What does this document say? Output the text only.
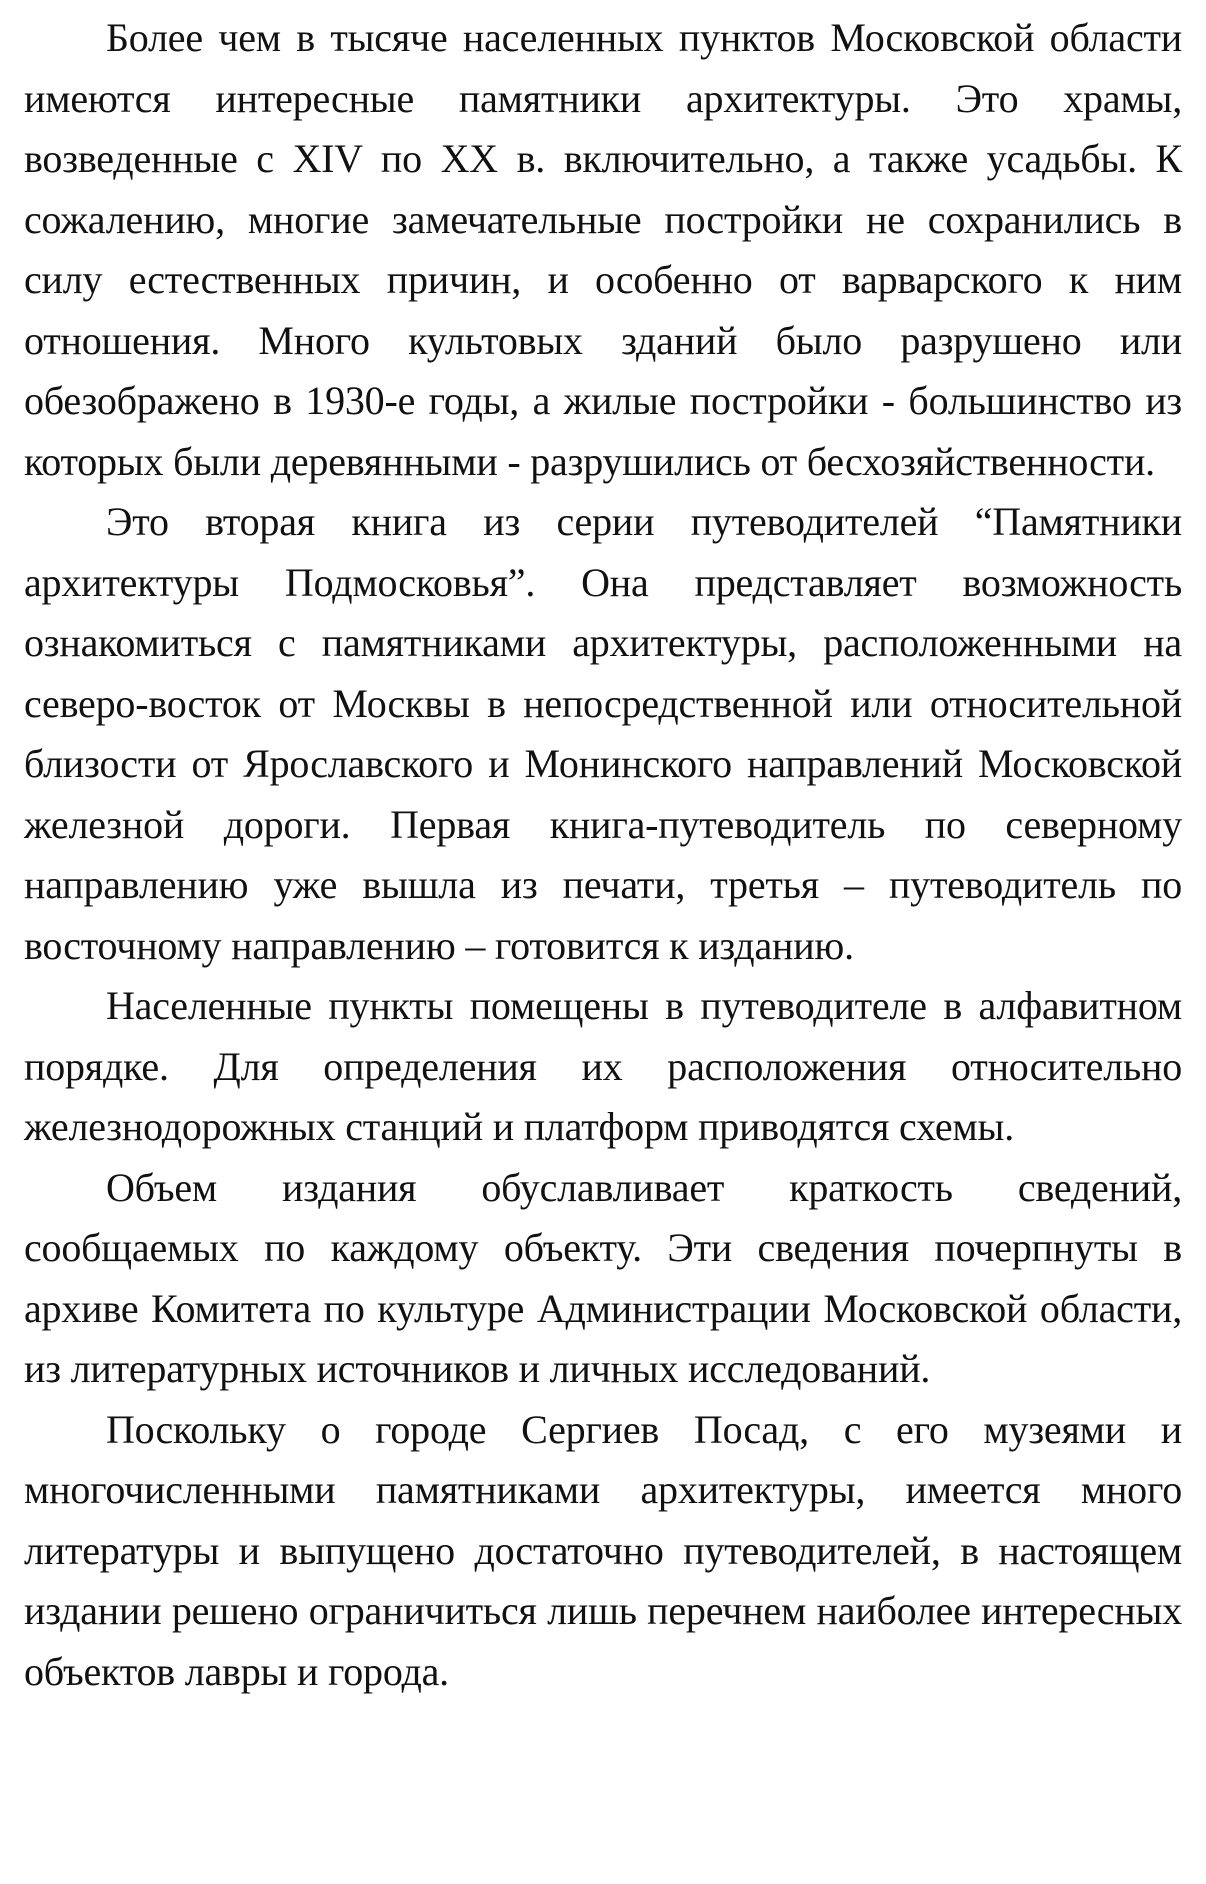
Более чем в тысяче населенных пунктов Московской области имеются интересные памятники архитектуры. Это храмы, возведенные с XIV по XX в. включительно, а также усадьбы. К сожалению, многие замечательные постройки не сохранились в силу естественных причин, и особенно от варварского к ним отношения. Много культовых зданий было разрушено или обезображено в 1930-е годы, а жилые постройки - большинство из которых были деревянными - разрушились от бесхозяйственности.

Это вторая книга из серии путеводителей “Памятники архитектуры Подмосковья”. Она представляет возможность ознакомиться с памятниками архитектуры, расположенными на северо-восток от Москвы в непосредственной или относительной близости от Ярославского и Монинского направлений Московской железной дороги. Первая книга-путеводитель по северному направлению уже вышла из печати, третья – путеводитель по восточному направлению – готовится к изданию.

Населенные пункты помещены в путеводителе в алфавитном порядке. Для определения их расположения относительно железнодорожных станций и платформ приводятся схемы.

Объем издания обуславливает краткость сведений, сообщаемых по каждому объекту. Эти сведения почерпнуты в архиве Комитета по культуре Администрации Московской области, из литературных источников и личных исследований.

Поскольку о городе Сергиев Посад, с его музеями и многочисленными памятниками архитектуры, имеется много литературы и выпущено достаточно путеводителей, в настоящем издании решено ограничиться лишь перечнем наиболее интересных объектов лавры и города.
